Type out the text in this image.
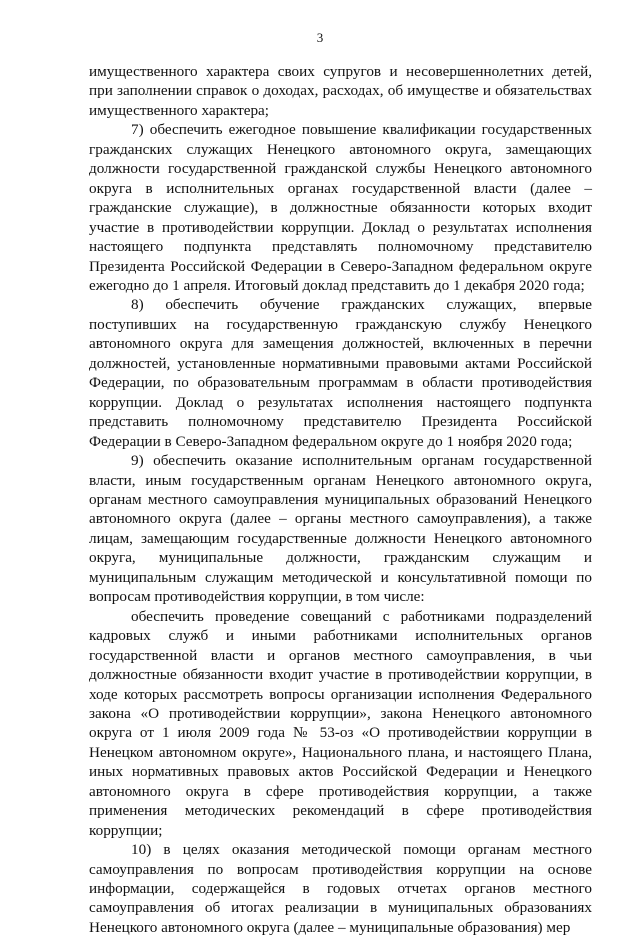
3

имущественного характера своих супругов и несовершеннолетних детей, при заполнении справок о доходах, расходах, об имуществе и обязательствах имущественного характера;

7) обеспечить ежегодное повышение квалификации государственных гражданских служащих Ненецкого автономного округа, замещающих должности государственной гражданской службы Ненецкого автономного округа в исполнительных органах государственной власти (далее – гражданские служащие), в должностные обязанности которых входит участие в противодействии коррупции. Доклад о результатах исполнения настоящего подпункта представлять полномочному представителю Президента Российской Федерации в Северо-Западном федеральном округе ежегодно до 1 апреля. Итоговый доклад представить до 1 декабря 2020 года;

8) обеспечить обучение гражданских служащих, впервые поступивших на государственную гражданскую службу Ненецкого автономного округа для замещения должностей, включенных в перечни должностей, установленные нормативными правовыми актами Российской Федерации, по образовательным программам в области противодействия коррупции. Доклад о результатах исполнения настоящего подпункта представить полномочному представителю Президента Российской Федерации в Северо-Западном федеральном округе до 1 ноября 2020 года;

9) обеспечить оказание исполнительным органам государственной власти, иным государственным органам Ненецкого автономного округа, органам местного самоуправления муниципальных образований Ненецкого автономного округа (далее – органы местного самоуправления), а также лицам, замещающим государственные должности Ненецкого автономного округа, муниципальные должности, гражданским служащим и муниципальным служащим методической и консультативной помощи по вопросам противодействия коррупции, в том числе:

обеспечить проведение совещаний с работниками подразделений кадровых служб и иными работниками исполнительных органов государственной власти и органов местного самоуправления, в чьи должностные обязанности входит участие в противодействии коррупции, в ходе которых рассмотреть вопросы организации исполнения Федерального закона «О противодействии коррупции», закона Ненецкого автономного округа от 1 июля 2009 года № 53-оз «О противодействии коррупции в Ненецком автономном округе», Национального плана, и настоящего Плана, иных нормативных правовых актов Российской Федерации и Ненецкого автономного округа в сфере противодействия коррупции, а также применения методических рекомендаций в сфере противодействия коррупции;

10) в целях оказания методической помощи органам местного самоуправления по вопросам противодействия коррупции на основе информации, содержащейся в годовых отчетах органов местного самоуправления об итогах реализации в муниципальных образованиях Ненецкого автономного округа (далее – муниципальные образования) мер
